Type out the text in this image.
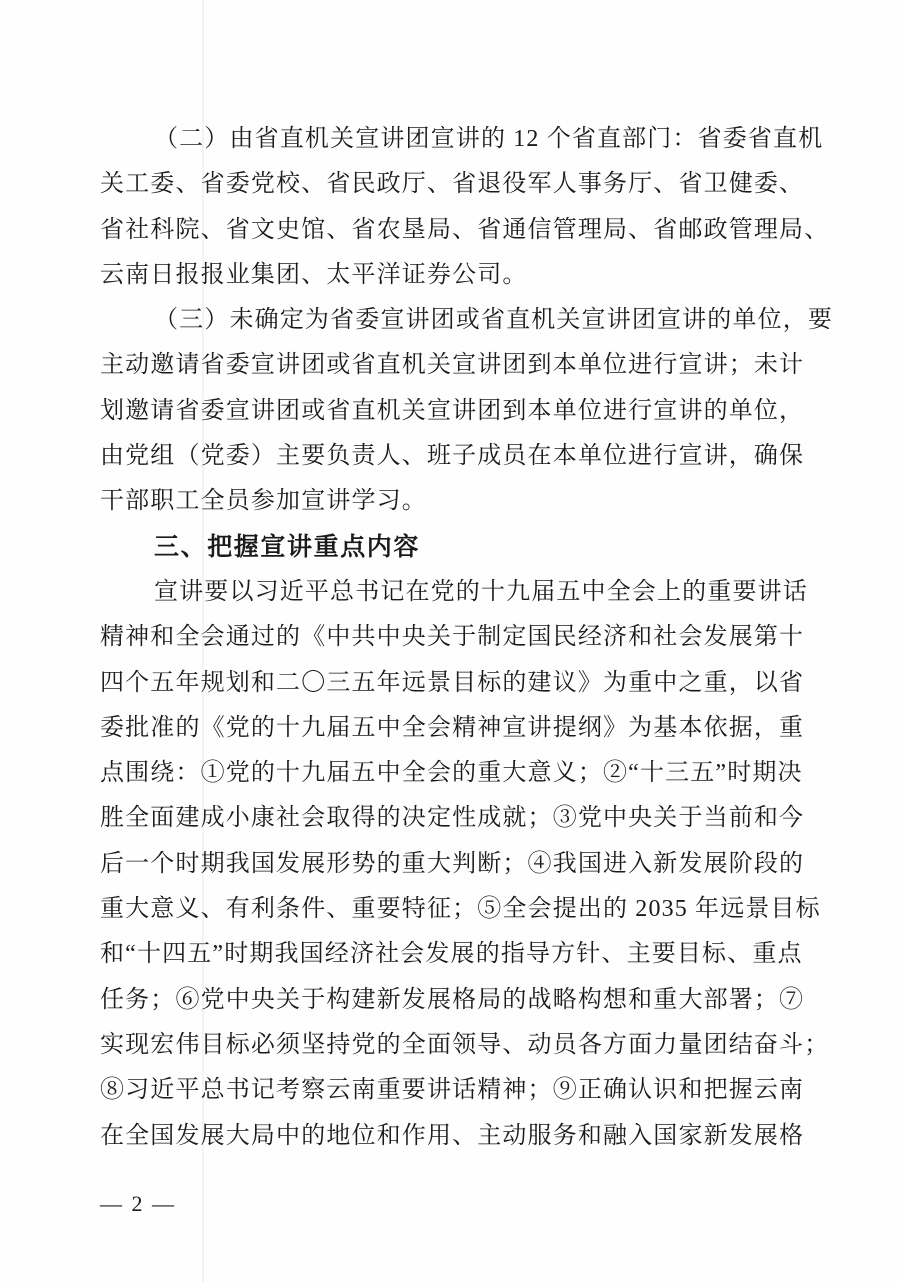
（二）由省直机关宣讲团宣讲的 12 个省直部门：省委省直机
关工委、省委党校、省民政厅、省退役军人事务厅、省卫健委、
省社科院、省文史馆、省农垦局、省通信管理局、省邮政管理局、
云南日报报业集团、太平洋证券公司。
（三）未确定为省委宣讲团或省直机关宣讲团宣讲的单位，要
主动邀请省委宣讲团或省直机关宣讲团到本单位进行宣讲；未计
划邀请省委宣讲团或省直机关宣讲团到本单位进行宣讲的单位，
由党组（党委）主要负责人、班子成员在本单位进行宣讲，确保
干部职工全员参加宣讲学习。
三、把握宣讲重点内容
宣讲要以习近平总书记在党的十九届五中全会上的重要讲话
精神和全会通过的《中共中央关于制定国民经济和社会发展第十
四个五年规划和二〇三五年远景目标的建议》为重中之重，以省
委批准的《党的十九届五中全会精神宣讲提纲》为基本依据，重
点围绕：①党的十九届五中全会的重大意义；②“十三五”时期决
胜全面建成小康社会取得的决定性成就；③党中央关于当前和今
后一个时期我国发展形势的重大判断；④我国进入新发展阶段的
重大意义、有利条件、重要特征；⑤全会提出的 2035 年远景目标
和“十四五”时期我国经济社会发展的指导方针、主要目标、重点
任务；⑥党中央关于构建新发展格局的战略构想和重大部署；⑦
实现宏伟目标必须坚持党的全面领导、动员各方面力量团结奋斗；
⑧习近平总书记考察云南重要讲话精神；⑨正确认识和把握云南
在全国发展大局中的地位和作用、主动服务和融入国家新发展格
— 2 —
